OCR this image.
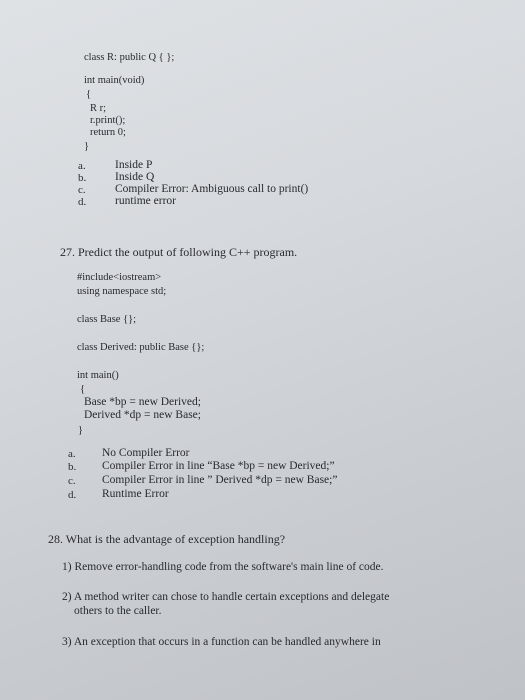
class R: public Q { };
int main(void)
{
R r;
r.print();
return 0;
}
a.	Inside P
b.	Inside Q
c.	Compiler Error: Ambiguous call to print()
d.	runtime error
27. Predict the output of following C++ program.
#include<iostream>
using namespace std;
class Base {};
class Derived: public Base {};
int main()
{
Base *bp = new Derived;
Derived *dp = new Base;
}
a. No Compiler Error
b. Compiler Error in line “Base *bp = new Derived;”
c. Compiler Error in line ” Derived *dp = new Base;”
d. Runtime Error
28. What is the advantage of exception handling?
1) Remove error-handling code from the software's main line of code.
2) A method writer can chose to handle certain exceptions and delegate
others to the caller.
3) An exception that occurs in a function can be handled anywhere in
